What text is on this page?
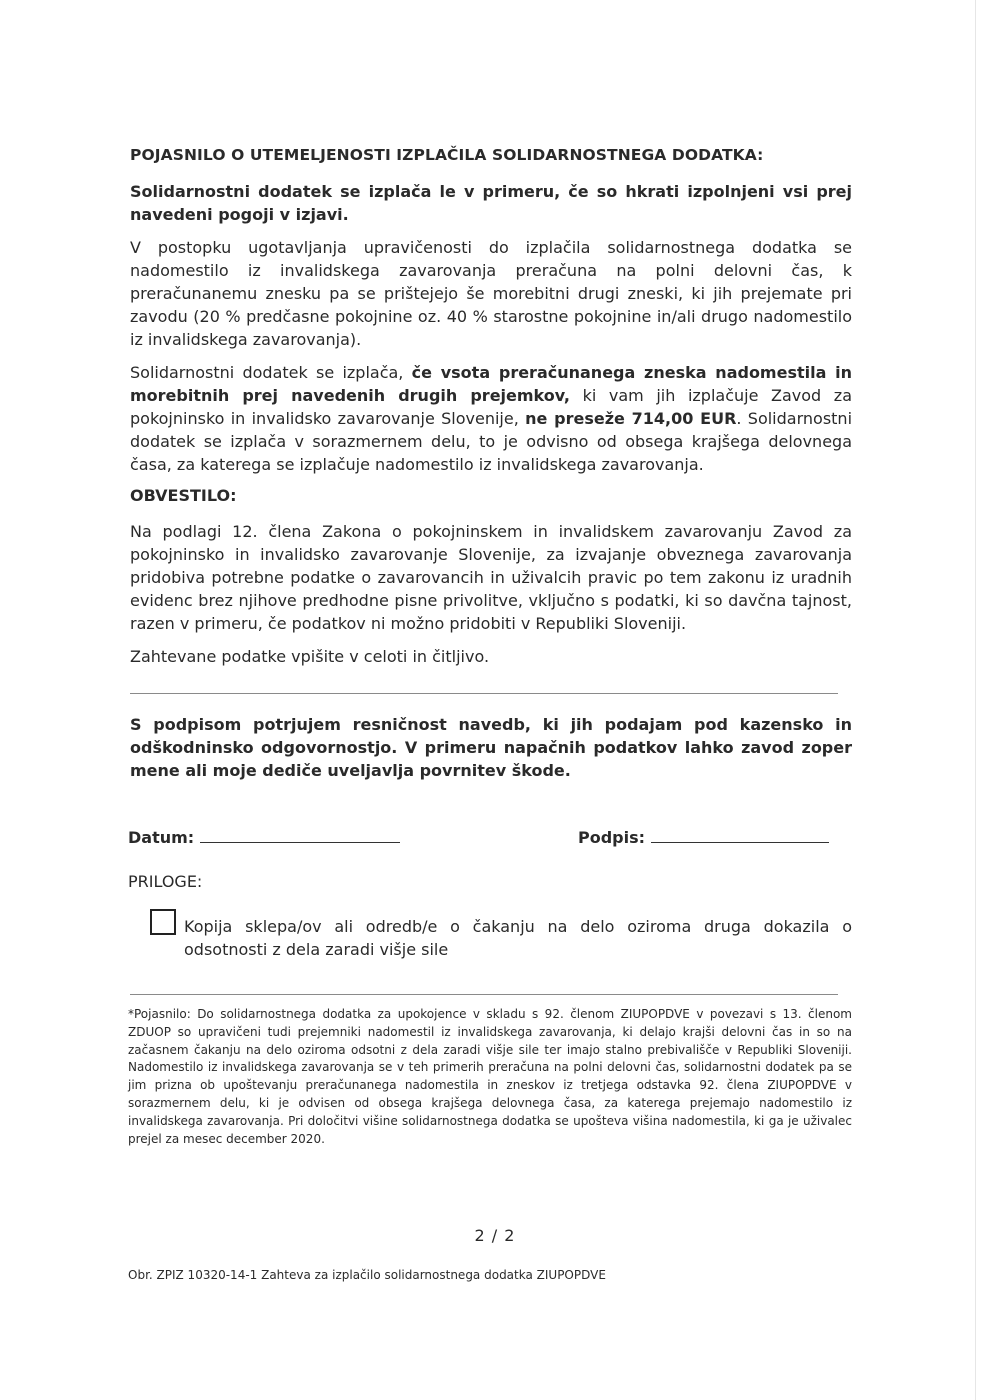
POJASNILO O UTEMELJENOSTI IZPLAČILA SOLIDARNOSTNEGA DODATKA:

Solidarnostni dodatek se izplača le v primeru, če so hkrati izpolnjeni vsi prej navedeni pogoji v izjavi.

V postopku ugotavljanja upravičenosti do izplačila solidarnostnega dodatka se nadomestilo iz invalidskega zavarovanja preračuna na polni delovni čas, k preračunanemu znesku pa se prištejejo še morebitni drugi zneski, ki jih prejemate pri zavodu (20 % predčasne pokojnine oz. 40 % starostne pokojnine in/ali drugo nadomestilo iz invalidskega zavarovanja).

Solidarnostni dodatek se izplača, če vsota preračunanega zneska nadomestila in morebitnih prej navedenih drugih prejemkov, ki vam jih izplačuje Zavod za pokojninsko in invalidsko zavarovanje Slovenije, ne preseže 714,00 EUR. Solidarnostni dodatek se izplača v sorazmernem delu, to je odvisno od obsega krajšega delovnega časa, za katerega se izplačuje nadomestilo iz invalidskega zavarovanja.

OBVESTILO:

Na podlagi 12. člena Zakona o pokojninskem in invalidskem zavarovanju Zavod za pokojninsko in invalidsko zavarovanje Slovenije, za izvajanje obveznega zavarovanja pridobiva potrebne podatke o zavarovancih in uživalcih pravic po tem zakonu iz uradnih evidenc brez njihove predhodne pisne privolitve, vključno s podatki, ki so davčna tajnost, razen v primeru, če podatkov ni možno pridobiti v Republiki Sloveniji.

Zahtevane podatke vpišite v celoti in čitljivo.

S podpisom potrjujem resničnost navedb, ki jih podajam pod kazensko in odškodninsko odgovornostjo. V primeru napačnih podatkov lahko zavod zoper mene ali moje dediče uveljavlja povrnitev škode.

Datum:	Podpis:

PRILOGE:

Kopija sklepa/ov ali odredb/e o čakanju na delo oziroma druga dokazila o odsotnosti z dela zaradi višje sile

*Pojasnilo: Do solidarnostnega dodatka za upokojence v skladu s 92. členom ZIUPOPDVE v povezavi s 13. členom ZDUOP so upravičeni tudi prejemniki nadomestil iz invalidskega zavarovanja, ki delajo krajši delovni čas in so na začasnem čakanju na delo oziroma odsotni z dela zaradi višje sile ter imajo stalno prebivališče v Republiki Sloveniji. Nadomestilo iz invalidskega zavarovanja se v teh primerih preračuna na polni delovni čas, solidarnostni dodatek pa se jim prizna ob upoštevanju preračunanega nadomestila in zneskov iz tretjega odstavka 92. člena ZIUPOPDVE v sorazmernem delu, ki je odvisen od obsega krajšega delovnega časa, za katerega prejemajo nadomestilo iz invalidskega zavarovanja. Pri določitvi višine solidarnostnega dodatka se upošteva višina nadomestila, ki ga je uživalec prejel za mesec december 2020.

2 / 2

Obr. ZPIZ 10320-14-1 Zahteva za izplačilo solidarnostnega dodatka ZIUPOPDVE
